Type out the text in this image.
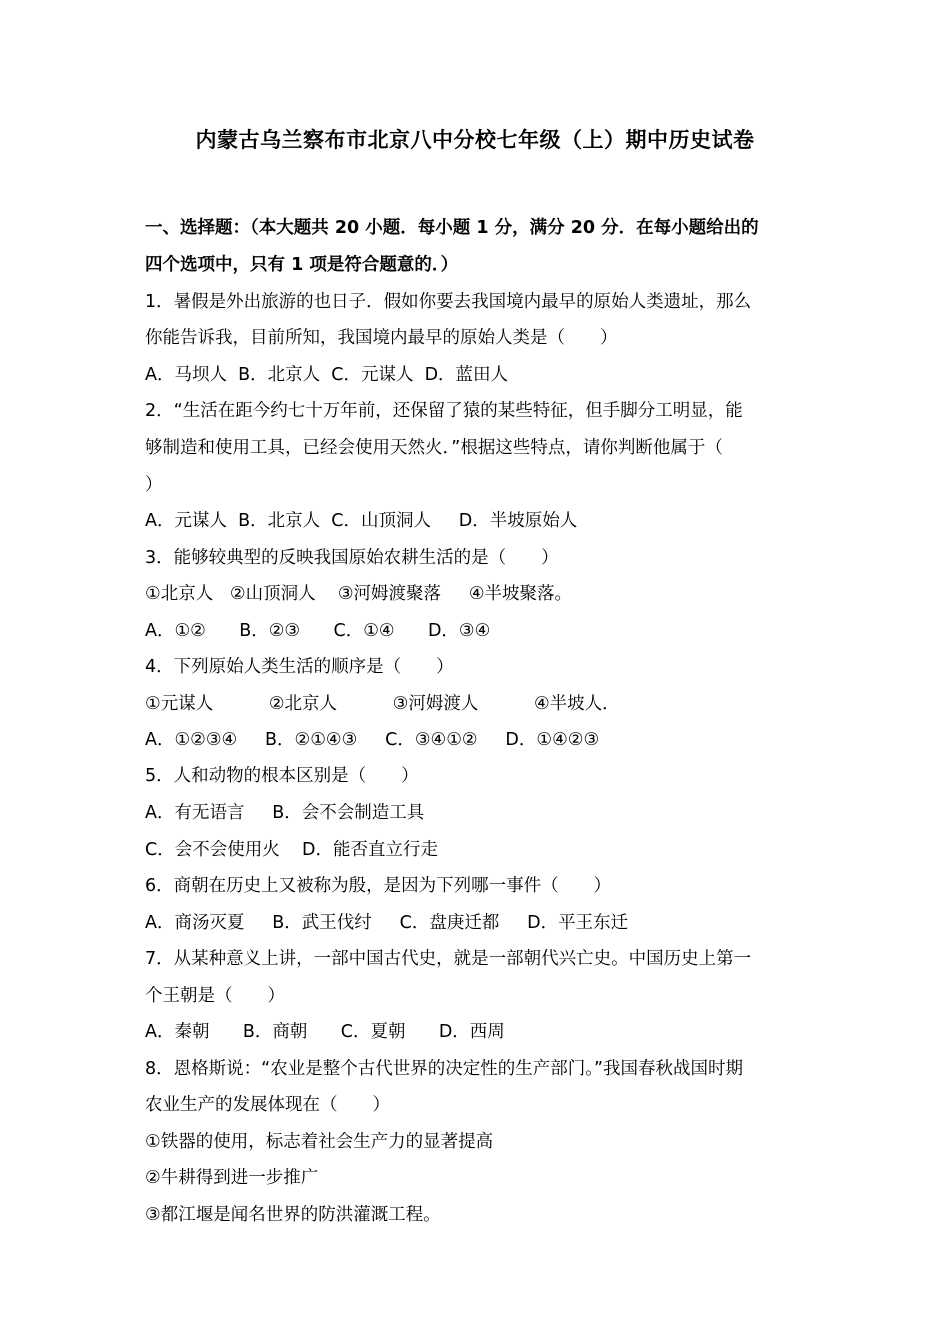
内蒙古乌兰察布市北京八中分校七年级（上）期中历史试卷
一、选择题：（本大题共 20 小题．每小题 1 分，满分 20 分．在每小题给出的
四个选项中，只有 1 项是符合题意的．）
1．暑假是外出旅游的也日子．假如你要去我国境内最早的原始人类遗址，那么
你能告诉我，目前所知，我国境内最早的原始人类是（　　）
A．马坝人  B．北京人  C．元谋人  D．蓝田人
2．“生活在距今约七十万年前，还保留了猿的某些特征，但手脚分工明显，能
够制造和使用工具，已经会使用天然火．”根据这些特点，请你判断他属于（
）
A．元谋人  B．北京人  C．山顶洞人     D．半坡原始人
3．能够较典型的反映我国原始农耕生活的是（　　）
①北京人   ②山顶洞人    ③河姆渡聚落     ④半坡聚落。
A．①②      B．②③      C．①④      D．③④
4．下列原始人类生活的顺序是（　　）
①元谋人          ②北京人          ③河姆渡人          ④半坡人．
A．①②③④     B．②①④③     C．③④①②     D．①④②③
5．人和动物的根本区别是（　　）
A．有无语言     B．会不会制造工具
C．会不会使用火    D．能否直立行走
6．商朝在历史上又被称为殷，是因为下列哪一事件（　　）
A．商汤灭夏     B．武王伐纣     C．盘庚迁都     D．平王东迁
7．从某种意义上讲，一部中国古代史，就是一部朝代兴亡史。中国历史上第一
个王朝是（　　）
A．秦朝      B．商朝      C．夏朝      D．西周
8．恩格斯说：“农业是整个古代世界的决定性的生产部门。”我国春秋战国时期
农业生产的发展体现在（　　）
①铁器的使用，标志着社会生产力的显著提高
②牛耕得到进一步推广
③都江堰是闻名世界的防洪灌溉工程。
